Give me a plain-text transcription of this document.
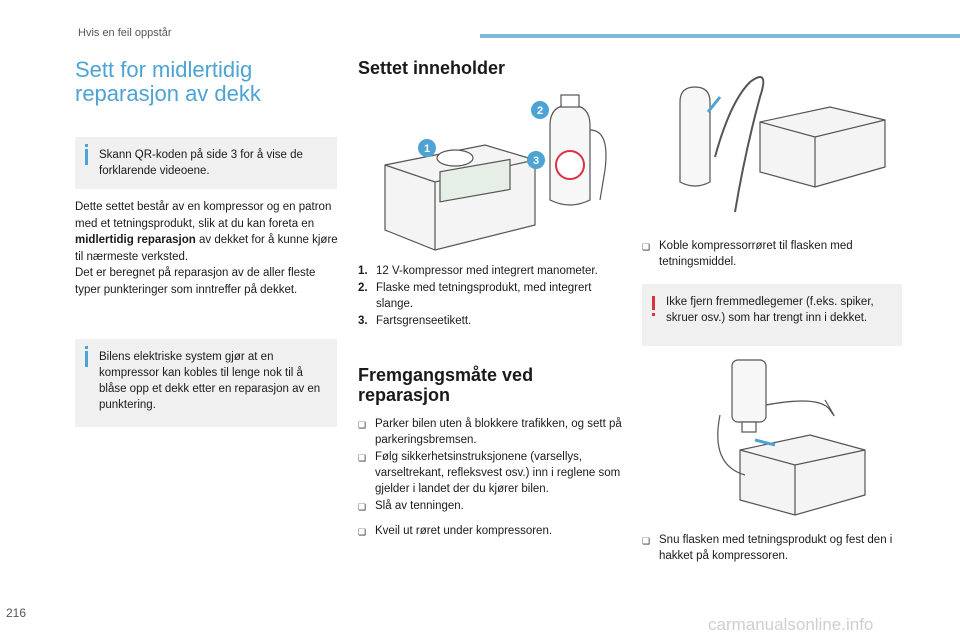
Hvis en feil oppstår
Sett for midlertidig
reparasjon av dekk
Skann QR-koden på side 3 for å vise de forklarende videoene.
Dette settet består av en kompressor og en patron med et tetningsprodukt, slik at du kan foreta en midlertidig reparasjon av dekket for å kunne kjøre til nærmeste verksted.
Det er beregnet på reparasjon av de aller fleste typer punkteringer som inntreffer på dekket.
Bilens elektriske system gjør at en kompressor kan kobles til lenge nok til å blåse opp et dekk etter en reparasjon av en punktering.
Settet inneholder
1
2
3
1. 12 V-kompressor med integrert manometer.
2. Flaske med tetningsprodukt, med integrert slange.
3. Fartsgrenseetikett.
Fremgangsmåte ved
reparasjon
❏ Parker bilen uten å blokkere trafikken, og sett på parkeringsbremsen.
❏ Følg sikkerhetsinstruksjonene (varsellys, varseltrekant, refleksvest osv.) inn i reglene som gjelder i landet der du kjører bilen.
❏ Slå av tenningen.
❏ Kveil ut røret under kompressoren.
❏ Koble kompressorrøret til flasken med tetningsmiddel.
Ikke fjern fremmedlegemer (f.eks. spiker, skruer osv.) som har trengt inn i dekket.
❏ Snu flasken med tetningsprodukt og fest den i hakket på kompressoren.
216
carmanualsonline.info
